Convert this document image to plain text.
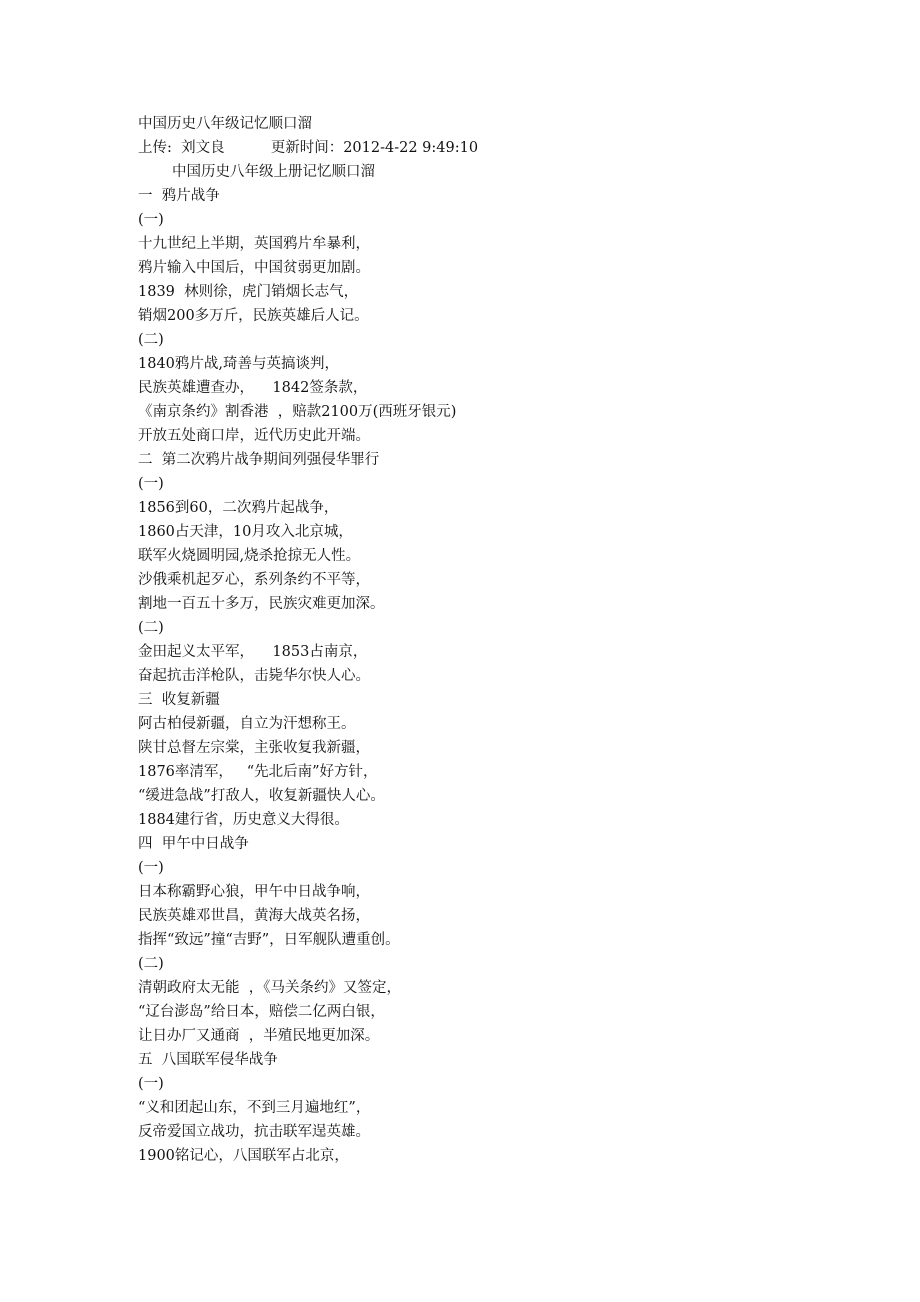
中国历史八年级记忆顺口溜
上传:  刘文良          更新时间：2012-4-22 9:49:10
中国历史八年级上册记忆顺口溜
一  鸦片战争
(一)
十九世纪上半期，英国鸦片牟暴利，
鸦片输入中国后，中国贫弱更加剧。
1839  林则徐，虎门销烟长志气，
销烟200多万斤，民族英雄后人记。
(二)
1840鸦片战,琦善与英搞谈判，
民族英雄遭查办，    1842签条款，
《南京条约》割香港  ，赔款2100万(西班牙银元)
开放五处商口岸，近代历史此开端。
二  第二次鸦片战争期间列强侵华罪行
(一)
1856到60，二次鸦片起战争，
1860占天津，10月攻入北京城，
联军火烧圆明园,烧杀抢掠无人性。
沙俄乘机起歹心，系列条约不平等，
割地一百五十多万，民族灾难更加深。
(二)
金田起义太平军，    1853占南京，
奋起抗击洋枪队，击毙华尔快人心。
三  收复新疆
阿古柏侵新疆，自立为汗想称王。
陕甘总督左宗棠，主张收复我新疆，
1876率清军，   “先北后南”好方针，
“缓进急战”打敌人，收复新疆快人心。
1884建行省，历史意义大得很。
四  甲午中日战争
(一)
日本称霸野心狼，甲午中日战争响，
民族英雄邓世昌，黄海大战英名扬，
指挥“致远”撞“吉野”，日军舰队遭重创。
(二)
清朝政府太无能  ，《马关条约》又签定，
“辽台澎岛”给日本，赔偿二亿两白银，
让日办厂又通商  ，半殖民地更加深。
五  八国联军侵华战争
(一)
“义和团起山东，不到三月遍地红”，
反帝爱国立战功，抗击联军逞英雄。
1900铭记心，八国联军占北京，
